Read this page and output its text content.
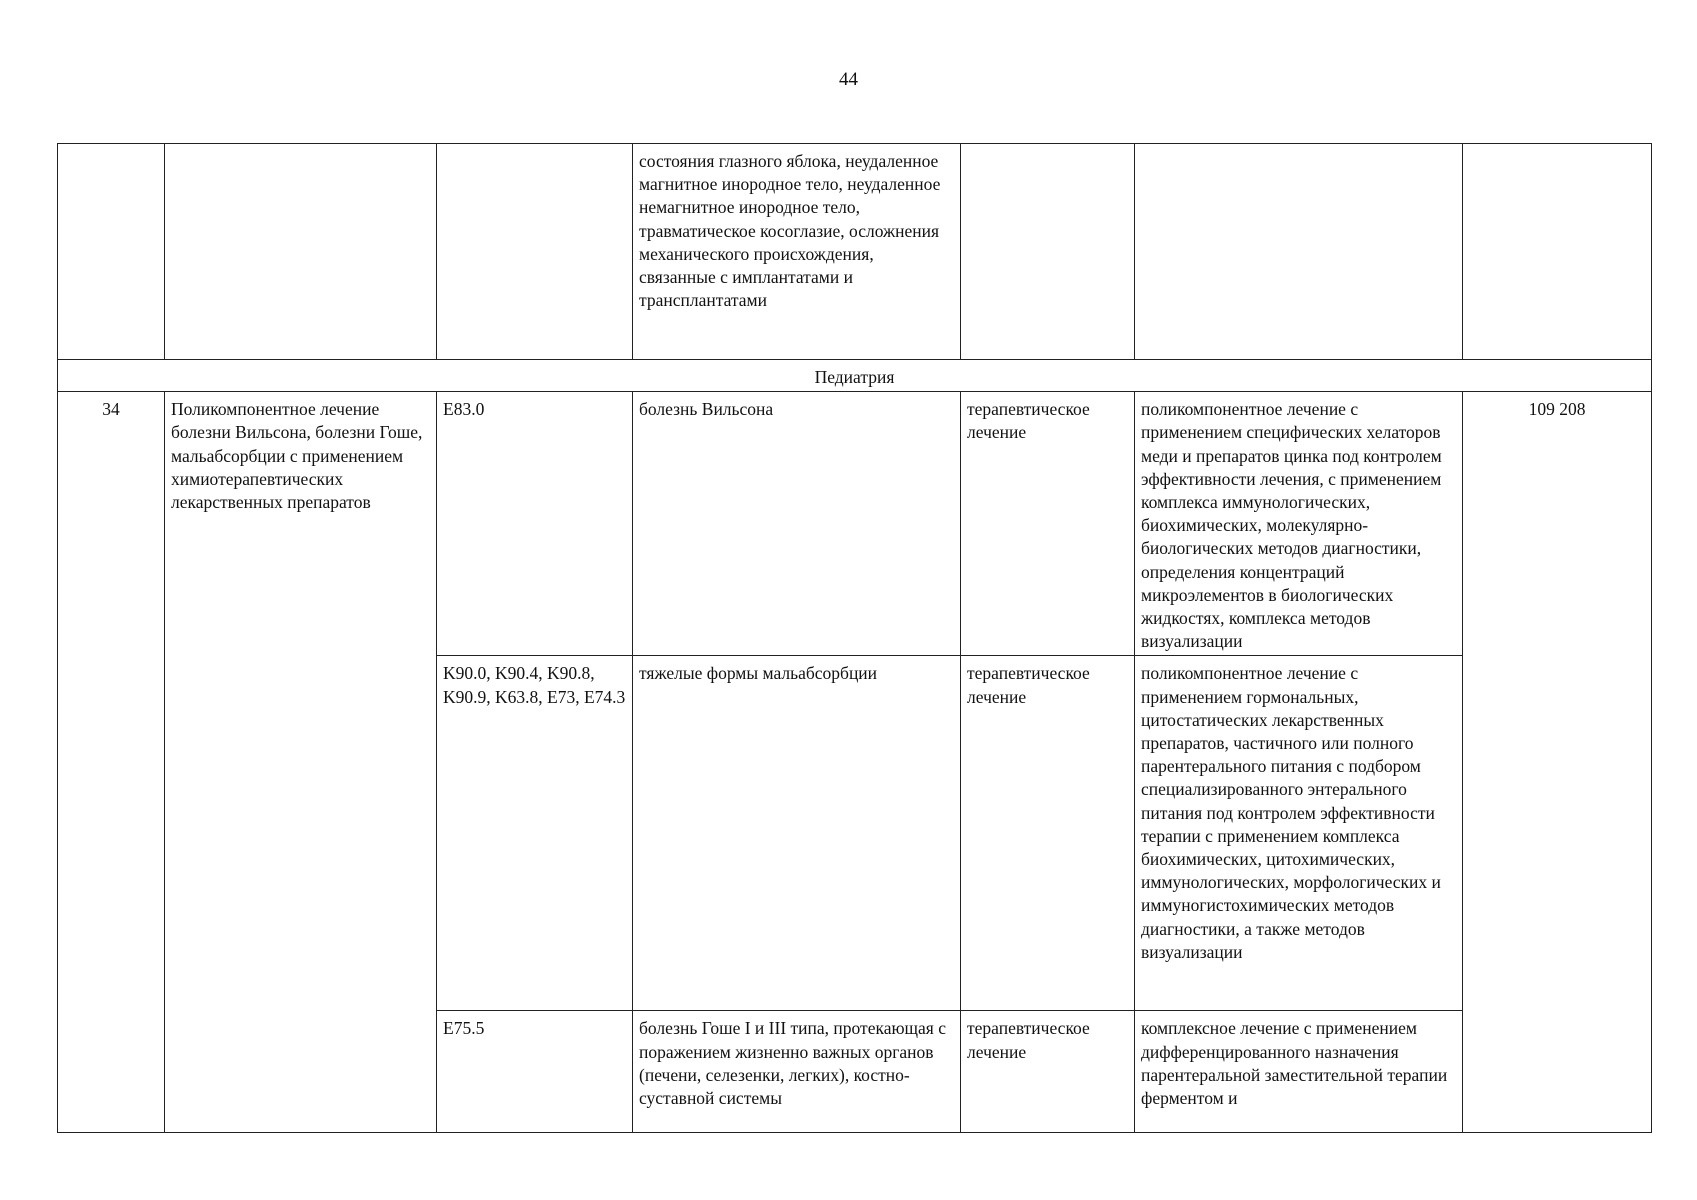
44
			состояния глазного яблока, неудаленное магнитное инородное тело, неудаленное немагнитное инородное тело, травматическое косоглазие, осложнения механического происхождения, связанные с имплантатами и трансплантатами			
Педиатрия						
34	Поликомпонентное лечение болезни Вильсона, болезни Гоше, мальабсорбции с применением химиотерапевтических лекарственных препаратов	E83.0	болезнь Вильсона	терапевтическое лечение	поликомпонентное лечение с применением специфических хелаторов меди и препаратов цинка под контролем эффективности лечения, с применением комплекса иммунологических, биохимических, молекулярно-биологических методов диагностики, определения концентраций микроэлементов в биологических жидкостях, комплекса методов визуализации	109 208
		K90.0, K90.4, K90.8, K90.9, K63.8, E73, E74.3	тяжелые формы мальабсорбции	терапевтическое лечение	поликомпонентное лечение с применением гормональных, цитостатических лекарственных препаратов, частичного или полного парентерального питания с подбором специализированного энтерального питания под контролем эффективности терапии с применением комплекса биохимических, цитохимических, иммунологических, морфологических и иммуногистохимических методов диагностики, а также методов визуализации	
		E75.5	болезнь Гоше I и III типа, протекающая с поражением жизненно важных органов (печени, селезенки, легких), костно-суставной системы	терапевтическое лечение	комплексное лечение с применением дифференцированного назначения парентеральной заместительной терапии ферментом и	
